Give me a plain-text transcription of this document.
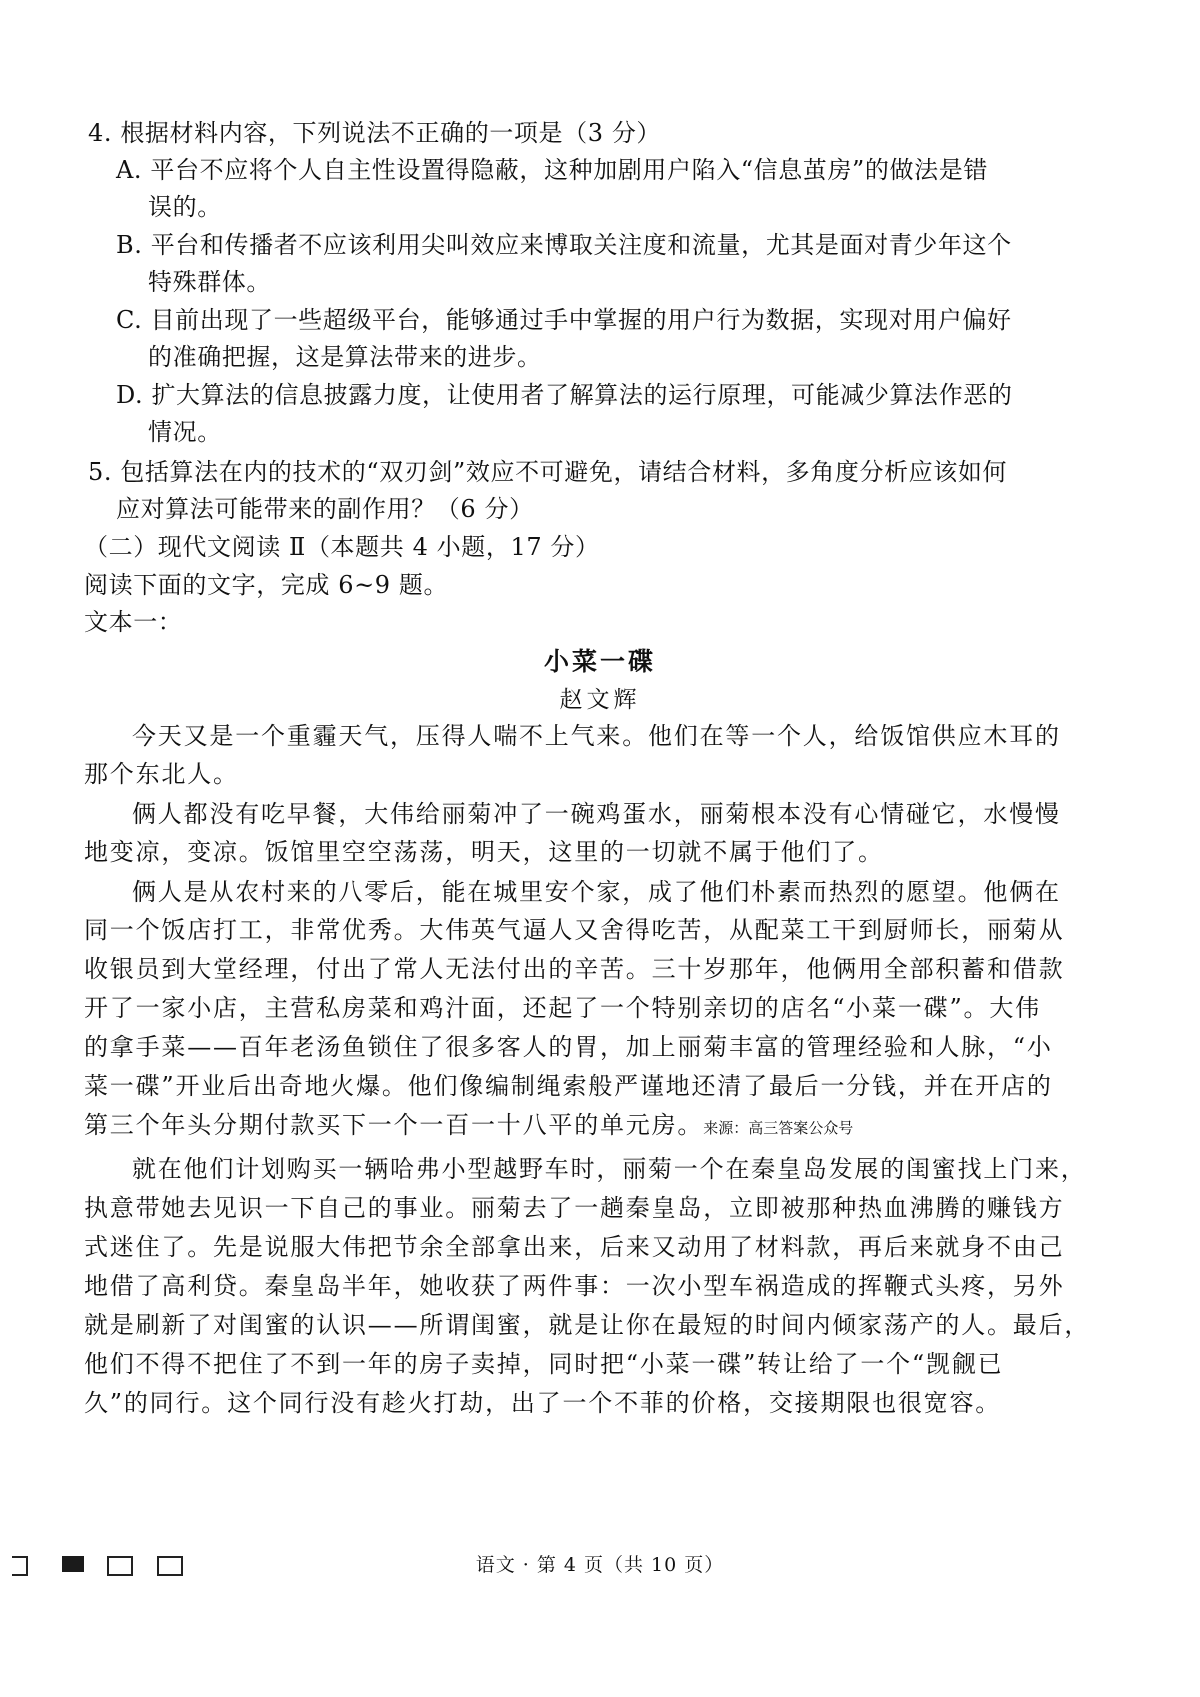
4. 根据材料内容，下列说法不正确的一项是（3 分）
A. 平台不应将个人自主性设置得隐蔽，这种加剧用户陷入“信息茧房”的做法是错
误的。
B. 平台和传播者不应该利用尖叫效应来博取关注度和流量，尤其是面对青少年这个
特殊群体。
C. 目前出现了一些超级平台，能够通过手中掌握的用户行为数据，实现对用户偏好
的准确把握，这是算法带来的进步。
D. 扩大算法的信息披露力度，让使用者了解算法的运行原理，可能减少算法作恶的
情况。
5. 包括算法在内的技术的“双刃剑”效应不可避免，请结合材料，多角度分析应该如何
应对算法可能带来的副作用？（6 分）
（二）现代文阅读 Ⅱ（本题共 4 小题，17 分）
阅读下面的文字，完成 6~9 题。
文本一：
小菜一碟
赵文辉
今天又是一个重霾天气，压得人喘不上气来。他们在等一个人，给饭馆供应木耳的
那个东北人。
俩人都没有吃早餐，大伟给丽菊冲了一碗鸡蛋水，丽菊根本没有心情碰它，水慢慢
地变凉，变凉。饭馆里空空荡荡，明天，这里的一切就不属于他们了。
俩人是从农村来的八零后，能在城里安个家，成了他们朴素而热烈的愿望。他俩在
同一个饭店打工，非常优秀。大伟英气逼人又舍得吃苦，从配菜工干到厨师长，丽菊从
收银员到大堂经理，付出了常人无法付出的辛苦。三十岁那年，他俩用全部积蓄和借款
开了一家小店，主营私房菜和鸡汁面，还起了一个特别亲切的店名“小菜一碟”。大伟
的拿手菜——百年老汤鱼锁住了很多客人的胃，加上丽菊丰富的管理经验和人脉，“小
菜一碟”开业后出奇地火爆。他们像编制绳索般严谨地还清了最后一分钱，并在开店的
第三个年头分期付款买下一个一百一十八平的单元房。来源：高三答案公众号
就在他们计划购买一辆哈弗小型越野车时，丽菊一个在秦皇岛发展的闺蜜找上门来，
执意带她去见识一下自己的事业。丽菊去了一趟秦皇岛，立即被那种热血沸腾的赚钱方
式迷住了。先是说服大伟把节余全部拿出来，后来又动用了材料款，再后来就身不由己
地借了高利贷。秦皇岛半年，她收获了两件事：一次小型车祸造成的挥鞭式头疼，另外
就是刷新了对闺蜜的认识——所谓闺蜜，就是让你在最短的时间内倾家荡产的人。最后，
他们不得不把住了不到一年的房子卖掉，同时把“小菜一碟”转让给了一个“觊觎已
久”的同行。这个同行没有趁火打劫，出了一个不菲的价格，交接期限也很宽容。
语文 · 第 4 页（共 10 页）
